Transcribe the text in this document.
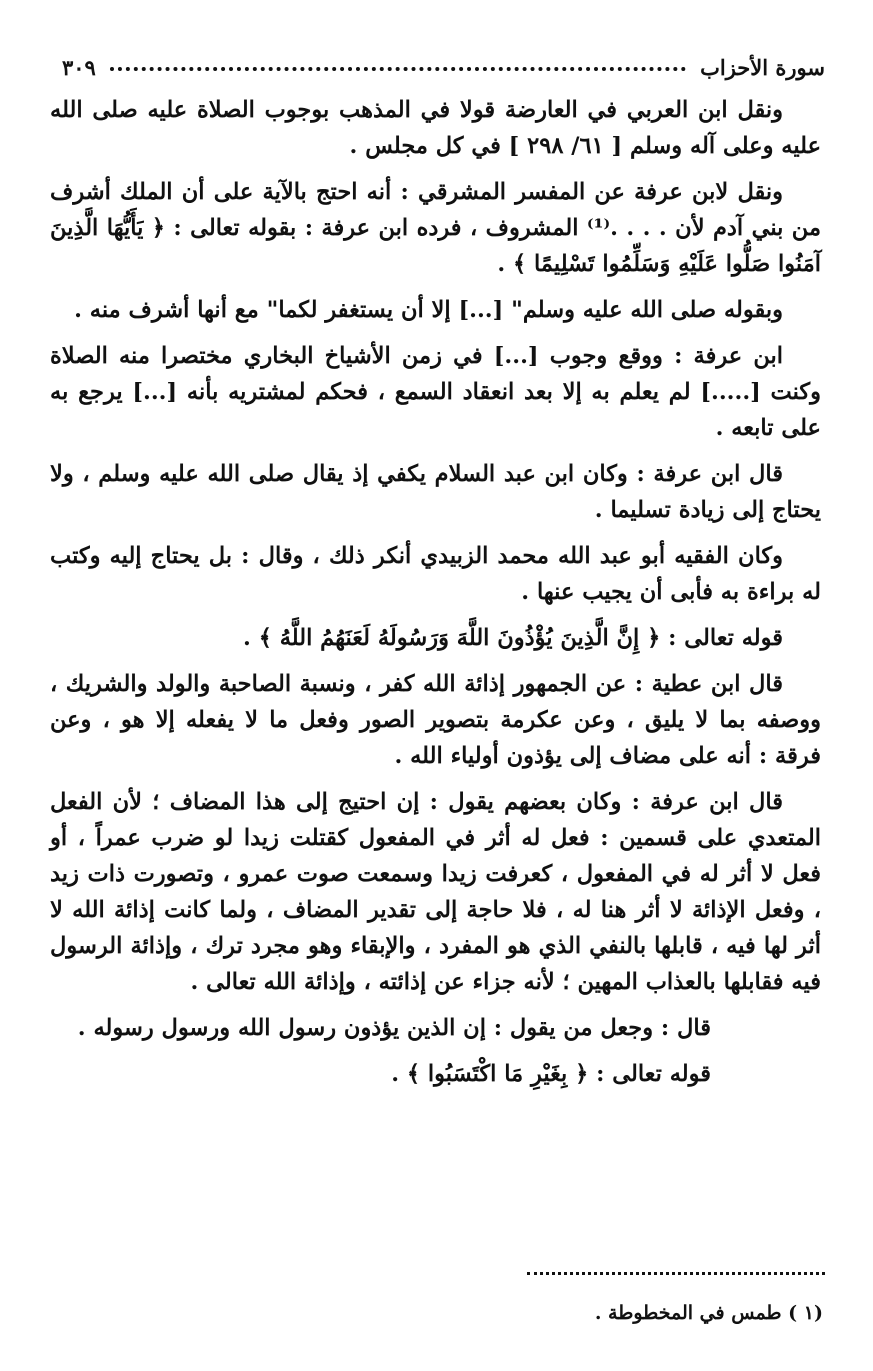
سورة الأحزاب
٣٠٩

ونقل ابن العربي في العارضة قولا في المذهب بوجوب الصلاة عليه صلى الله عليه وعلى آله وسلم [ ٦١/ ٢٩٨ ] في كل مجلس .

ونقل لابن عرفة عن المفسر المشرقي : أنه احتج بالآية على أن الملك أشرف من بني آدم لأن . . . .⁽¹⁾ المشروف ، فرده ابن عرفة : بقوله تعالى : ﴿ يَأَيُّهَا الَّذِينَ آمَنُوا صَلُّوا عَلَيْهِ وَسَلِّمُوا تَسْلِيمًا ﴾ .

وبقوله صلى الله عليه وسلم" [...] إلا أن يستغفر لكما" مع أنها أشرف منه .

ابن عرفة : ووقع وجوب [...] في زمن الأشياخ البخاري مختصرا منه الصلاة وكنت [.....] لم يعلم به إلا بعد انعقاد السمع ، فحكم لمشتريه بأنه [...] يرجع به على تابعه .

قال ابن عرفة : وكان ابن عبد السلام يكفي إذ يقال صلى الله عليه وسلم ، ولا يحتاج إلى زيادة تسليما .

وكان الفقيه أبو عبد الله محمد الزبيدي أنكر ذلك ، وقال : بل يحتاج إليه وكتب له براءة به فأبى أن يجيب عنها .

قوله تعالى : ﴿ إِنَّ الَّذِينَ يُؤْذُونَ اللَّهَ وَرَسُولَهُ لَعَنَهُمُ اللَّهُ ﴾ .

قال ابن عطية : عن الجمهور إذائة الله كفر ، ونسبة الصاحبة والولد والشريك ، ووصفه بما لا يليق ، وعن عكرمة بتصوير الصور وفعل ما لا يفعله إلا هو ، وعن فرقة : أنه على مضاف إلى يؤذون أولياء الله .

قال ابن عرفة : وكان بعضهم يقول : إن احتيج إلى هذا المضاف ؛ لأن الفعل المتعدي على قسمين : فعل له أثر في المفعول كقتلت زيدا لو ضرب عمراً ، أو فعل لا أثر له في المفعول ، كعرفت زيدا وسمعت صوت عمرو ، وتصورت ذات زيد ، وفعل الإذائة لا أثر هنا له ، فلا حاجة إلى تقدير المضاف ، ولما كانت إذائة الله لا أثر لها فيه ، قابلها بالنفي الذي هو المفرد ، والإبقاء وهو مجرد ترك ، وإذائة الرسول فيه فقابلها بالعذاب المهين ؛ لأنه جزاء عن إذائته ، وإذائة الله تعالى .

قال : وجعل من يقول : إن الذين يؤذون رسول الله ورسول رسوله .

قوله تعالى : ﴿ بِغَيْرِ مَا اكْتَسَبُوا ﴾ .

(١ ) طمس في المخطوطة .
